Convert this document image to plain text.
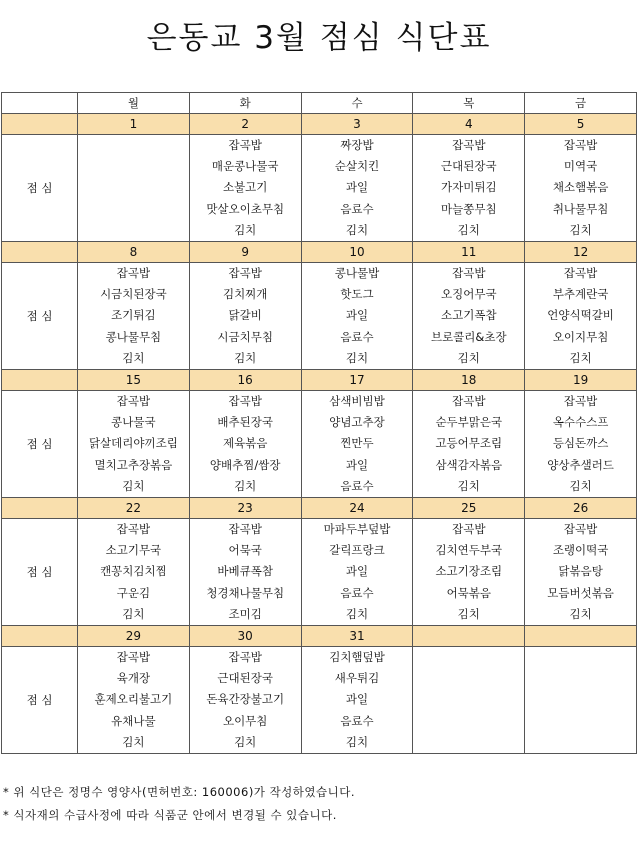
은동교 3월 점심 식단표
	월	화	수	목	금
	1	2	3	4	5
점 심		잡곡밥
매운콩나물국
소불고기
맛살오이초무침
김치	짜장밥
순살치킨
과일
음료수
김치	잡곡밥
근대된장국
가자미튀김
마늘쫑무침
김치	잡곡밥
미역국
채소햄볶음
취나물무침
김치

	8	9	10	11	12
점 심	잡곡밥
시금치된장국
조기튀김
콩나물무침
김치	잡곡밥
김치찌개
닭갈비
시금치무침
김치	콩나물밥
핫도그
과일
음료수
김치	잡곡밥
오징어무국
소고기폭찹
브로콜리&초장
김치	잡곡밥
부추계란국
언양식떡갈비
오이지무침
김치

	15	16	17	18	19
점 심	잡곡밥
콩나물국
닭살데리야끼조림
멸치고추장볶음
김치	잡곡밥
배추된장국
제육볶음
양배추찜/쌈장
김치	삼색비빔밥
양념고추장
찐만두
과일
음료수	잡곡밥
순두부맑은국
고등어무조림
삼색감자볶음
김치	잡곡밥
옥수수스프
등심돈까스
양상추샐러드
김치

	22	23	24	25	26
점 심	잡곡밥
소고기무국
캔꽁치김치찜
구운김
김치	잡곡밥
어묵국
바베큐폭참
청경채나물무침
조미김	마파두부덮밥
갈릭프랑크
과일
음료수
김치	잡곡밥
김치연두부국
소고기장조림
어묵볶음
김치	잡곡밥
조랭이떡국
닭볶음탕
모듬버섯볶음
김치

	29	30	31		
점 심	잡곡밥
육개장
훈제오리불고기
유채나물
김치	잡곡밥
근대된장국
돈육간장불고기
오이무침
김치	김치햄덮밥
새우튀김
과일
음료수
김치		

* 위 식단은 정명수 영양사(면허번호: 160006)가 작성하였습니다.
* 식자재의 수급사정에 따라 식품군 안에서 변경될 수 있습니다.
